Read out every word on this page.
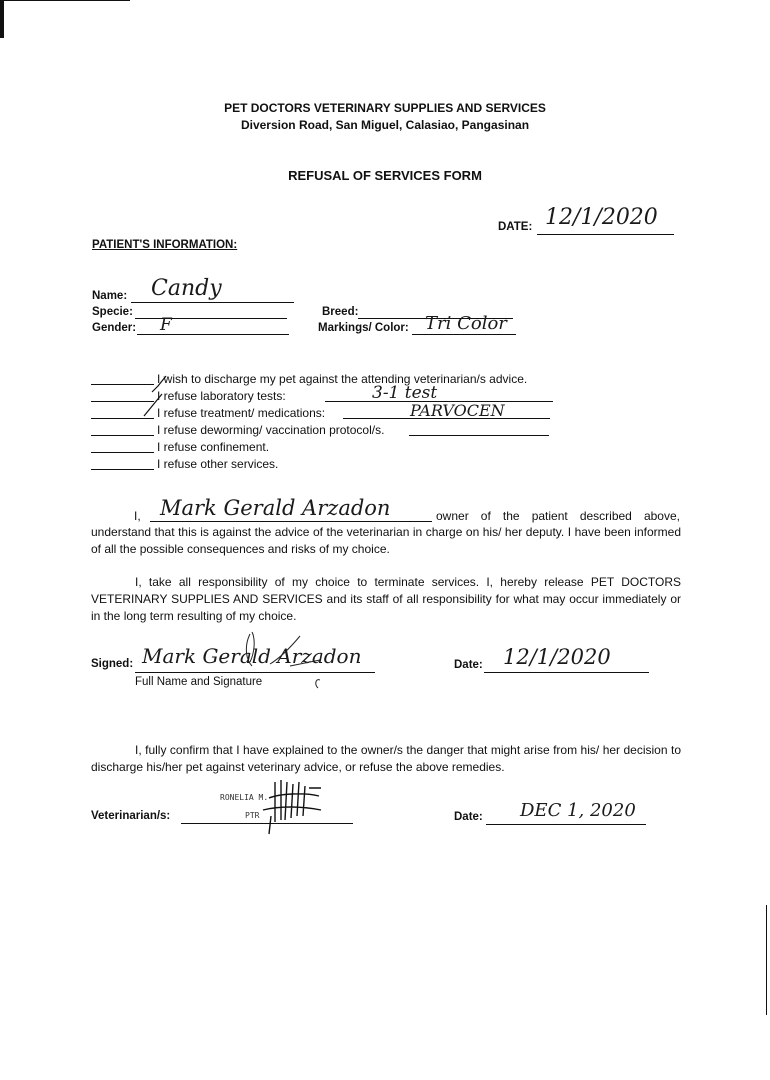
PET DOCTORS VETERINARY SUPPLIES AND SERVICES
Diversion Road, San Miguel, Calasiao, Pangasinan
REFUSAL OF SERVICES FORM
DATE: 12/1/2020
PATIENT'S INFORMATION:
Name: Candy
Specie:
Gender: F
Breed:
Markings/ Color: Tri Color
I wish to discharge my pet against the attending veterinarian/s advice.
I refuse laboratory tests:	3-1 test
I refuse treatment/ medications:	PARVOCEN
I refuse deworming/ vaccination protocol/s.
I refuse confinement.
I refuse other services.
I, Mark Gerald Arzadon	owner of the patient described above,
understand that this is against the advice of the veterinarian in charge on his/ her deputy. I have been informed of all the possible consequences and risks of my choice.
I, take all responsibility of my choice to terminate services. I, hereby release PET DOCTORS VETERINARY SUPPLIES AND SERVICES and its staff of all responsibility for what may occur immediately or in the long term resulting of my choice.
Signed: Mark Gerald Arzadon
Full Name and Signature
Date: 12/1/2020
I, fully confirm that I have explained to the owner/s the danger that might arise from his/ her decision to discharge his/her pet against veterinary advice, or refuse the above remedies.
Veterinarian/s:
RONELIA M.
PTR	Date: DEC 1, 2020
